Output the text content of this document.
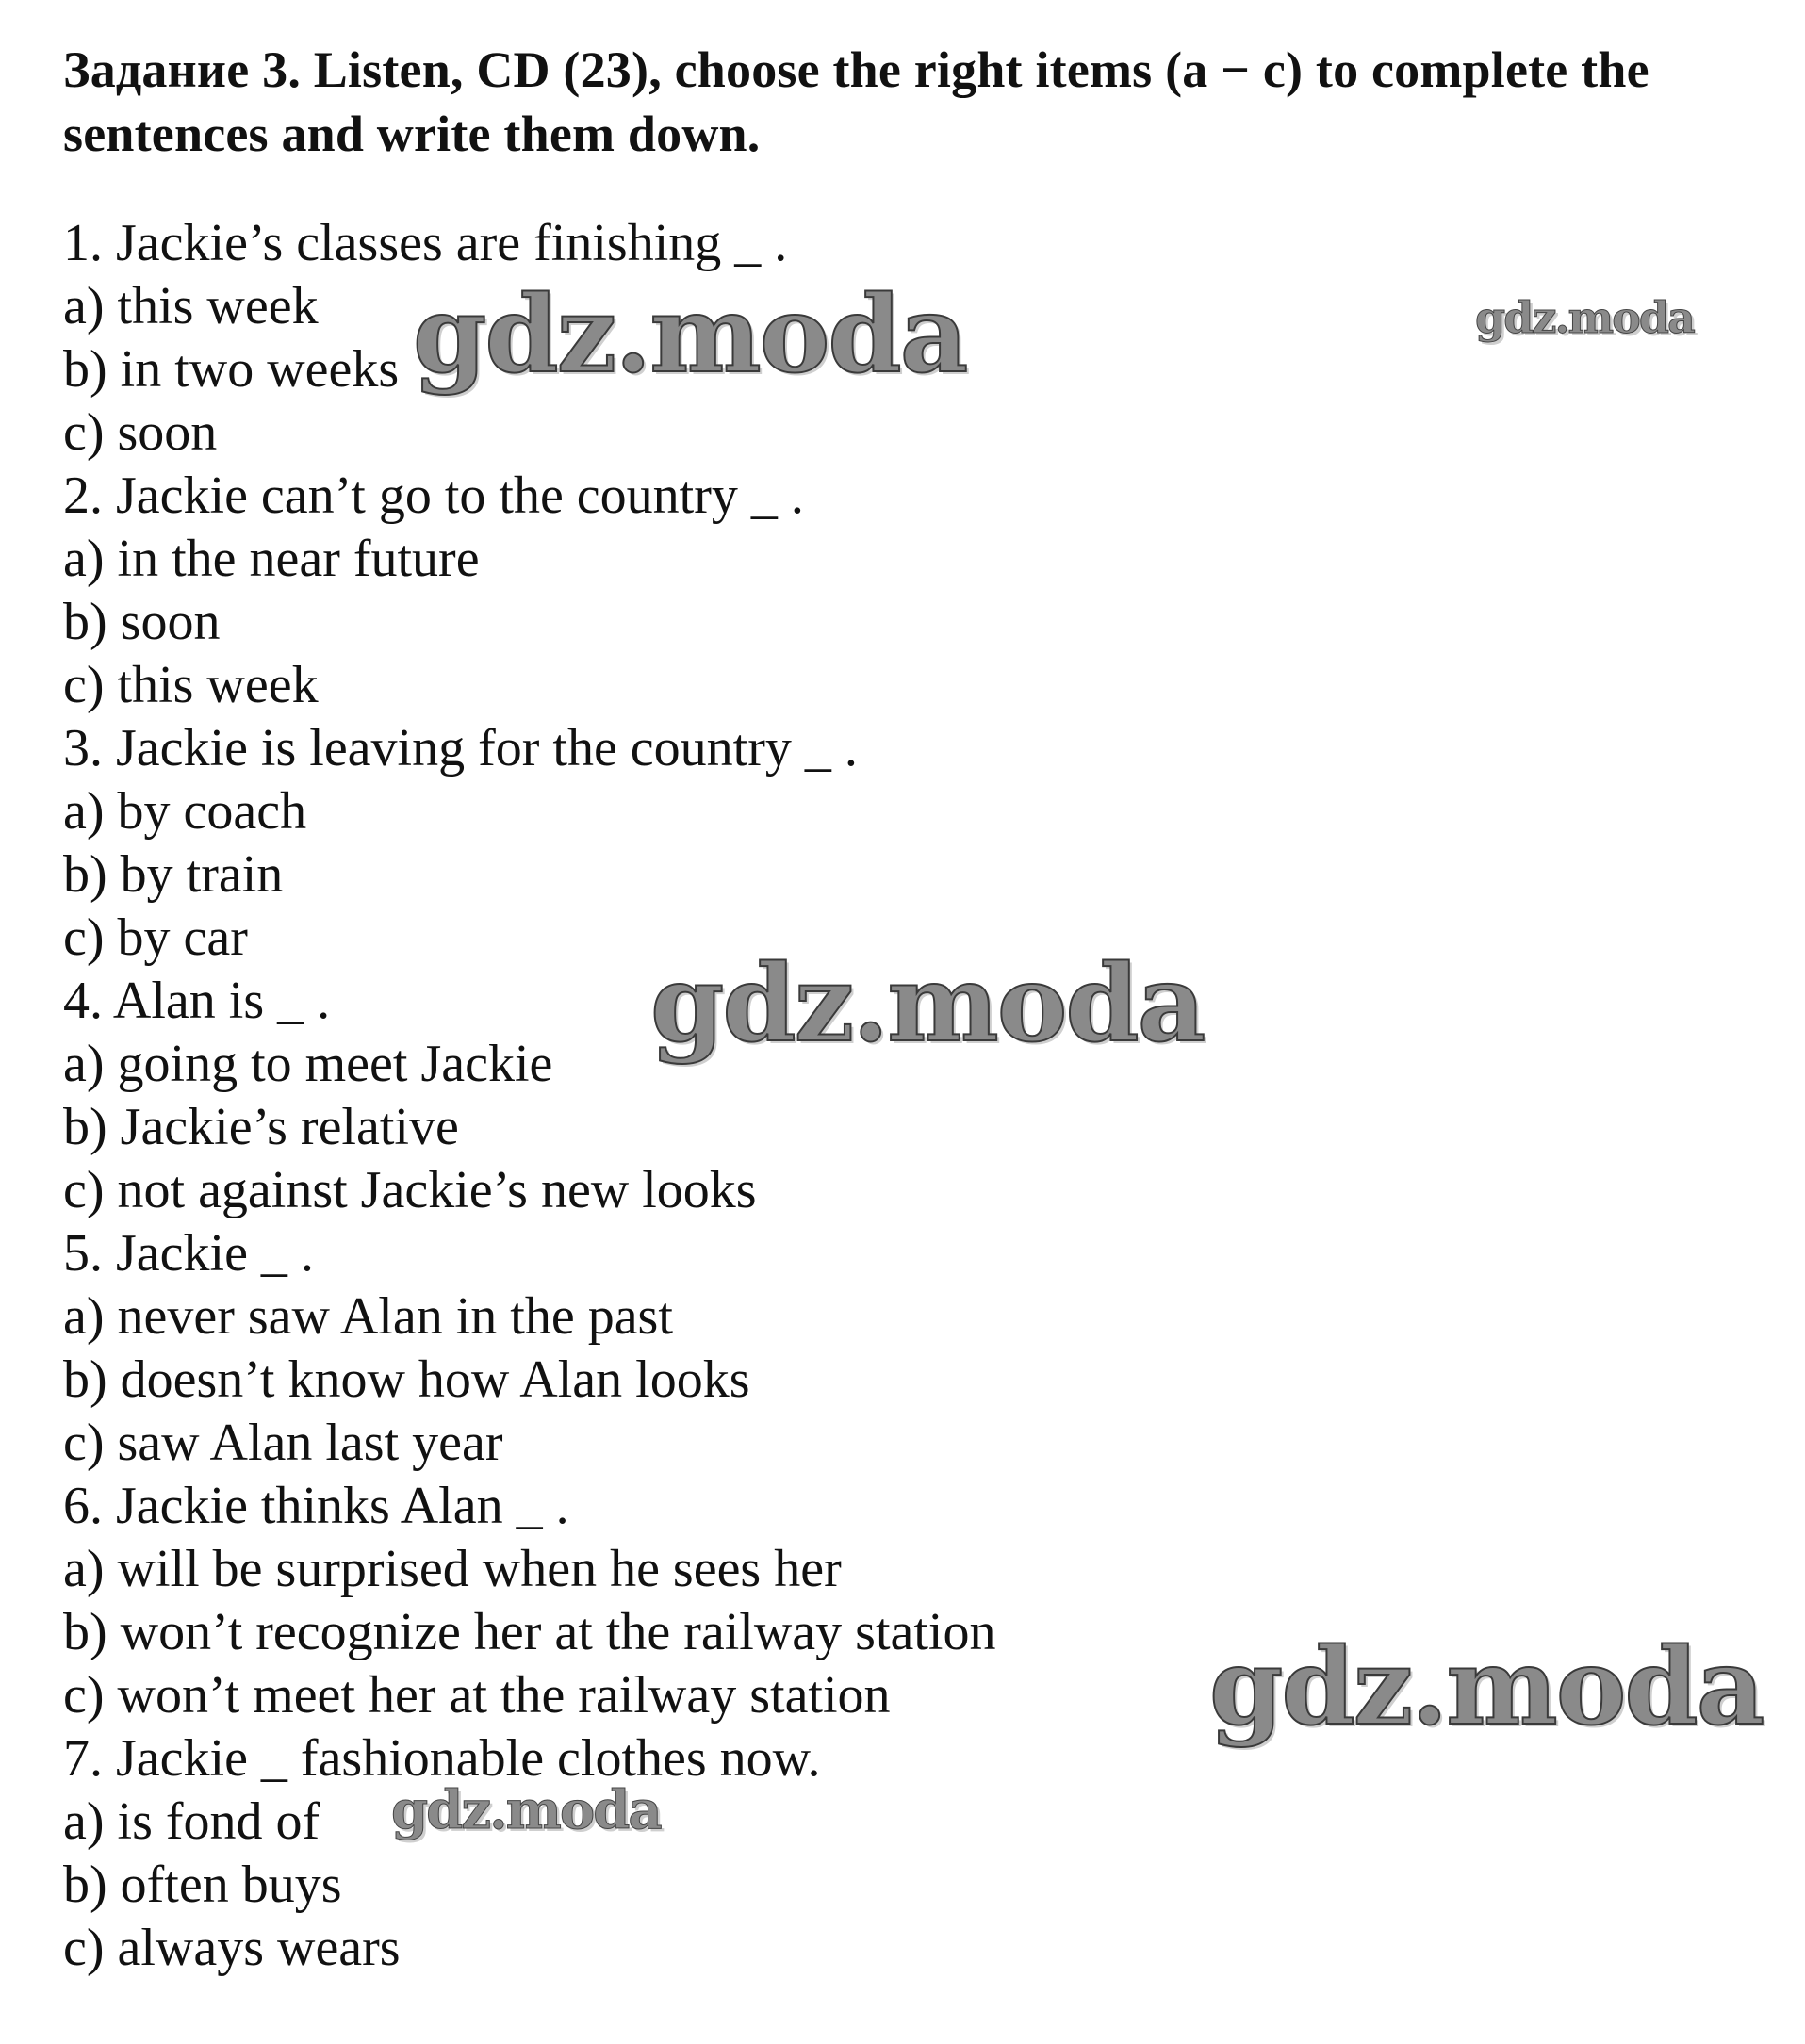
Задание 3. Listen, CD (23), choose the right items (a − c) to complete the sentences and write them down.
1. Jackie’s classes are finishing _ .
a) this week
b) in two weeks
c) soon
2. Jackie can’t go to the country _ .
a) in the near future
b) soon
c) this week
3. Jackie is leaving for the country _ .
a) by coach
b) by train
c) by car
4. Alan is _ .
a) going to meet Jackie
b) Jackie’s relative
c) not against Jackie’s new looks
5. Jackie _ .
a) never saw Alan in the past
b) doesn’t know how Alan looks
c) saw Alan last year
6. Jackie thinks Alan _ .
a) will be surprised when he sees her
b) won’t recognize her at the railway station
c) won’t meet her at the railway station
7. Jackie _ fashionable clothes now.
a) is fond of
b) often buys
c) always wears
gdz.moda	gdz.moda
gdz.moda
gdz.moda
gdz.moda
